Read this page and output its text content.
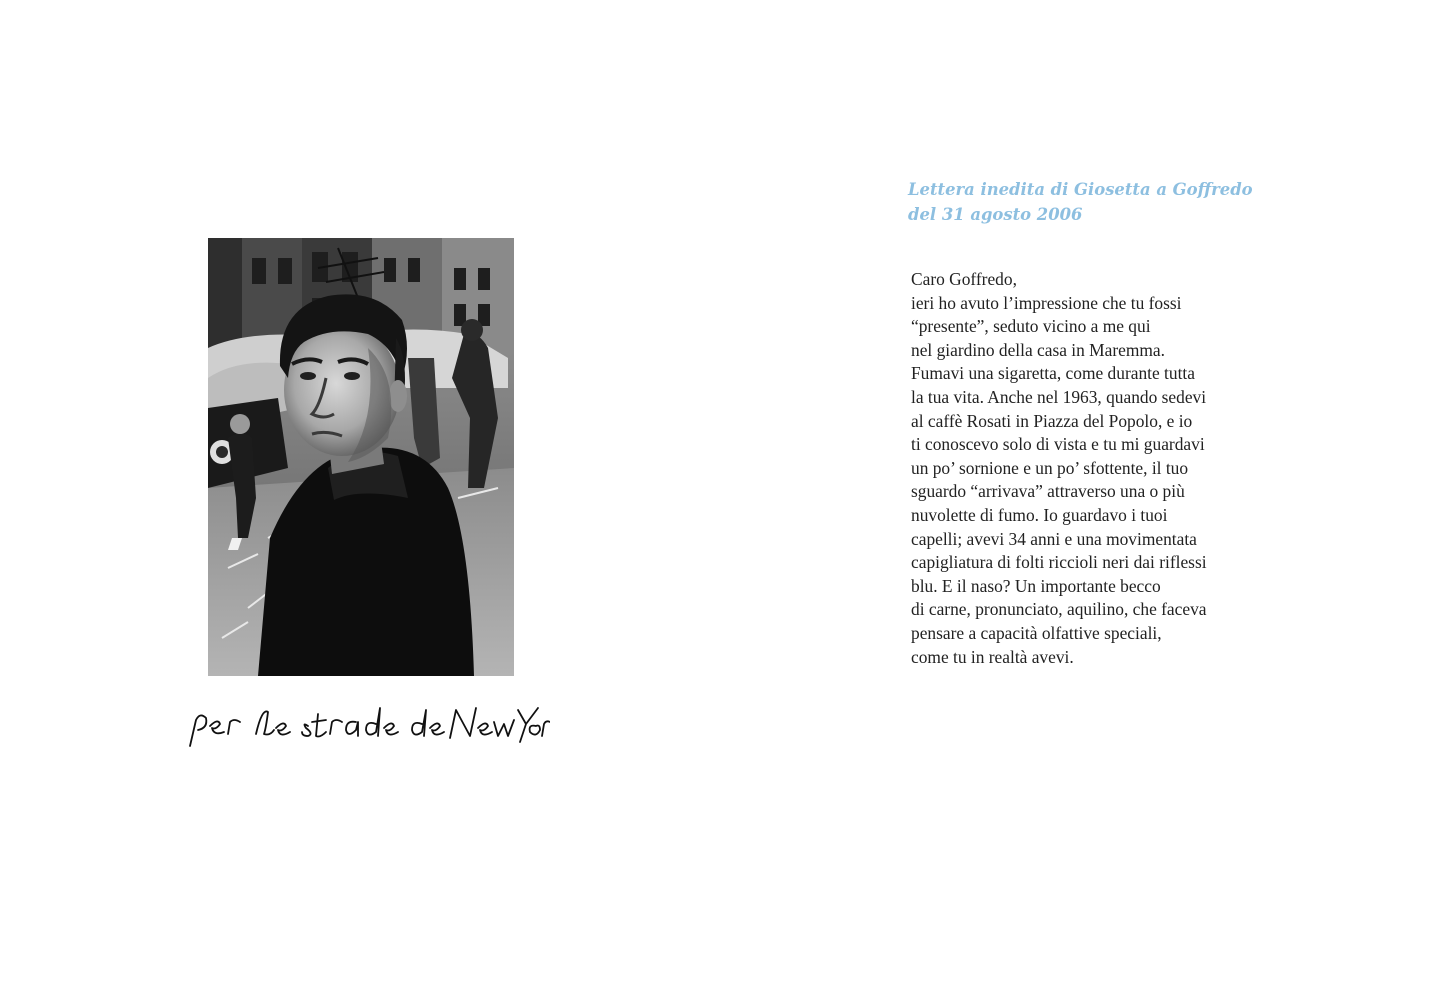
Lettera inedita di Giosetta a Goffredo
del 31 agosto 2006
Caro Goffredo,
ieri ho avuto l’impressione che tu fossi
“presente”, seduto vicino a me qui
nel giardino della casa in Maremma.
Fumavi una sigaretta, come durante tutta
la tua vita. Anche nel 1963, quando sedevi
al caffè Rosati in Piazza del Popolo, e io
ti conoscevo solo di vista e tu mi guardavi
un po’ sornione e un po’ sfottente, il tuo
sguardo “arrivava” attraverso una o più
nuvolette di fumo. Io guardavo i tuoi
capelli; avevi 34 anni e una movimentata
capigliatura di folti riccioli neri dai riflessi
blu. E il naso? Un importante becco
di carne, pronunciato, aquilino, che faceva
pensare a capacità olfattive speciali,
come tu in realtà avevi.
